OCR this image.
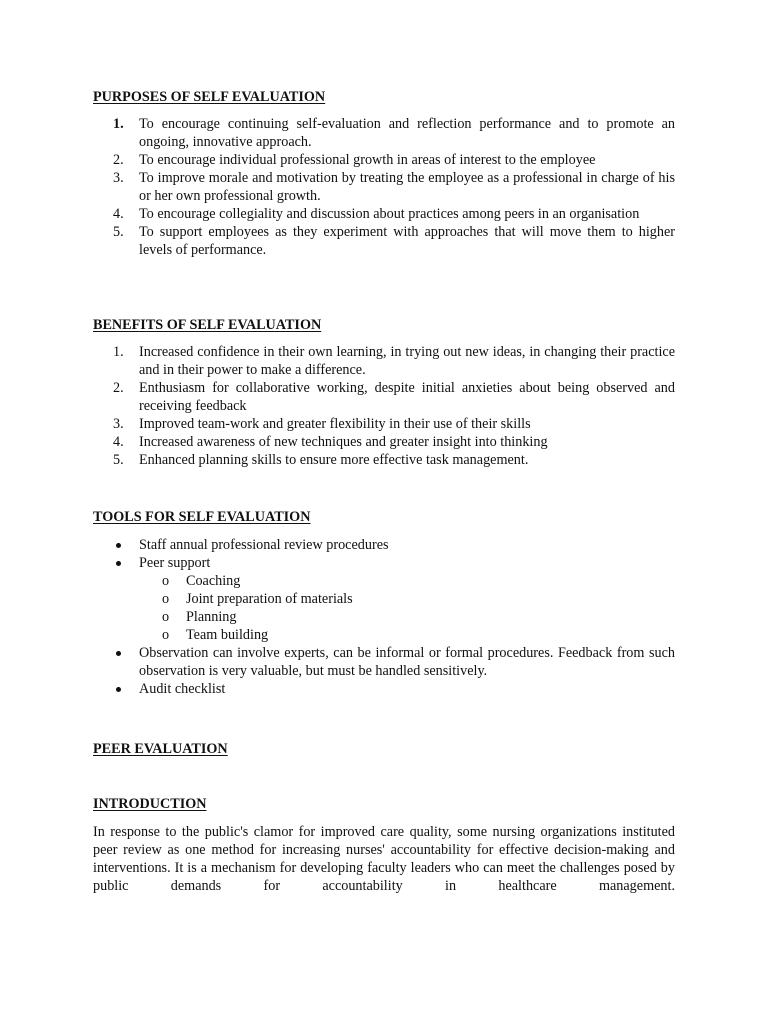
PURPOSES OF SELF EVALUATION
1.	To encourage continuing self-evaluation and reflection performance and to promote an ongoing, innovative approach.
2.	To encourage individual professional growth in areas of interest to the employee
3.	To improve morale and motivation by treating the employee as a professional in charge of his or her own professional growth.
4.	To encourage collegiality and discussion about practices among peers in an organisation
5.	To support employees as they experiment with approaches that will move them to higher levels of performance.
BENEFITS OF SELF EVALUATION
1.	Increased confidence in their own learning, in trying out new ideas, in changing their practice and in their power to make a difference.
2.	Enthusiasm for collaborative working, despite initial anxieties about being observed and receiving feedback
3.	Improved team-work and greater flexibility in their use of their skills
4.	Increased awareness of new techniques and greater insight into thinking
5.	Enhanced planning skills to ensure more effective task management.
TOOLS FOR SELF EVALUATION
Staff annual professional review procedures
Peer support
o Coaching
o Joint preparation of materials
o Planning
o Team building
Observation can involve experts, can be informal or formal procedures. Feedback from such observation is very valuable, but must be handled sensitively.
Audit checklist
PEER EVALUATION
INTRODUCTION

In response to the public's clamor for improved care quality, some nursing organizations instituted peer review as one method for increasing nurses' accountability for effective decision-making and interventions. It is a mechanism for developing faculty leaders who can meet the challenges posed by public demands for accountability in healthcare management.
